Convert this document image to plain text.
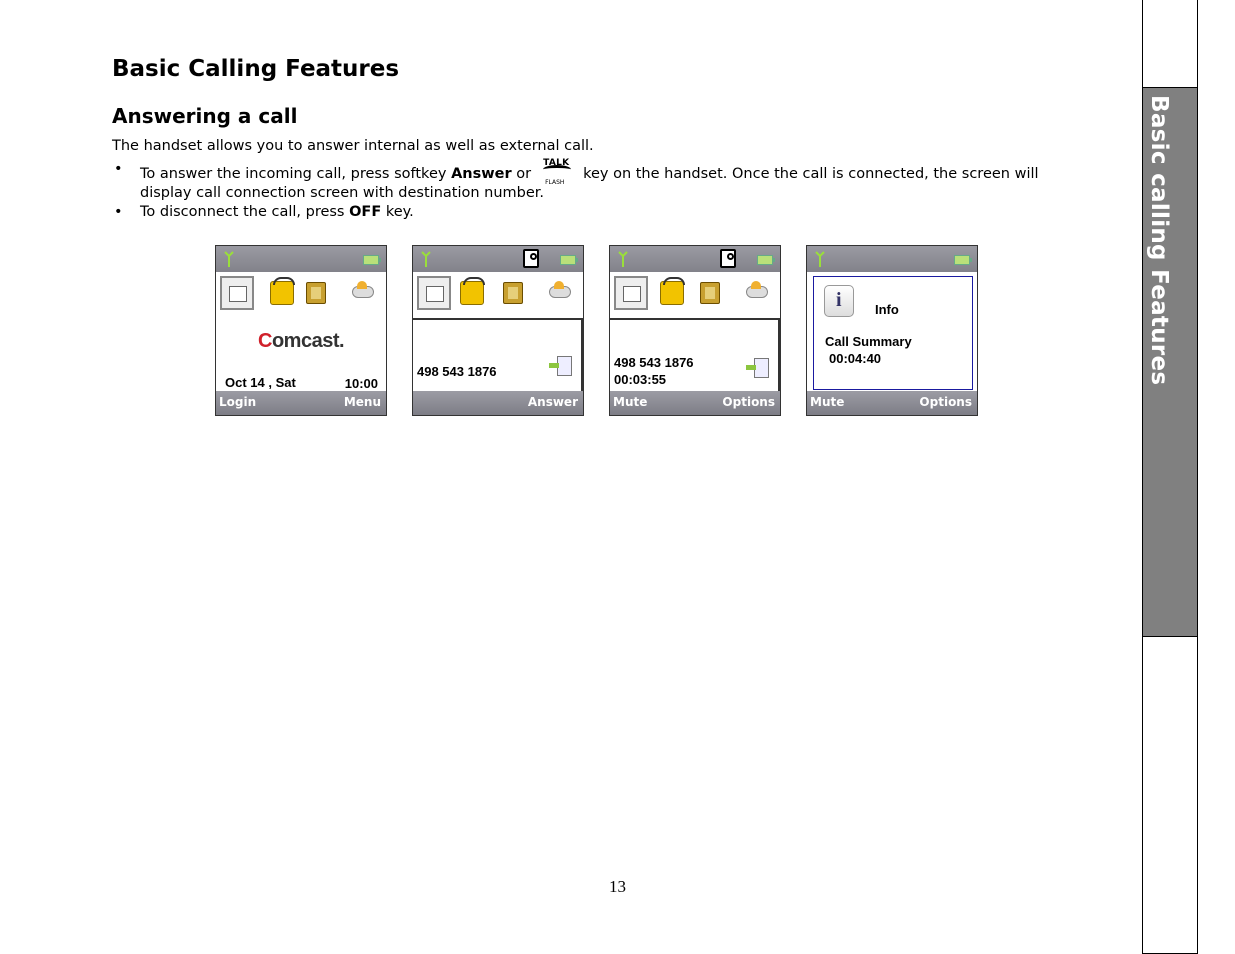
Basic Calling Features
Answering a call

The handset allows you to answer internal as well as external call.

• To answer the incoming call, press softkey Answer or
TALK
FLASH
key on the handset. Once the call is connected, the screen will display call connection screen with destination number.
• To disconnect the call, press OFF key.
Comcast.
Oct 14 , Sat	10:00
Login	Menu
498 543 1876
Answer
498 543 1876
00:03:55
Mute	Options
i	Info
Call Summary
00:04:40
Mute	Options
13
Basic calling Features
